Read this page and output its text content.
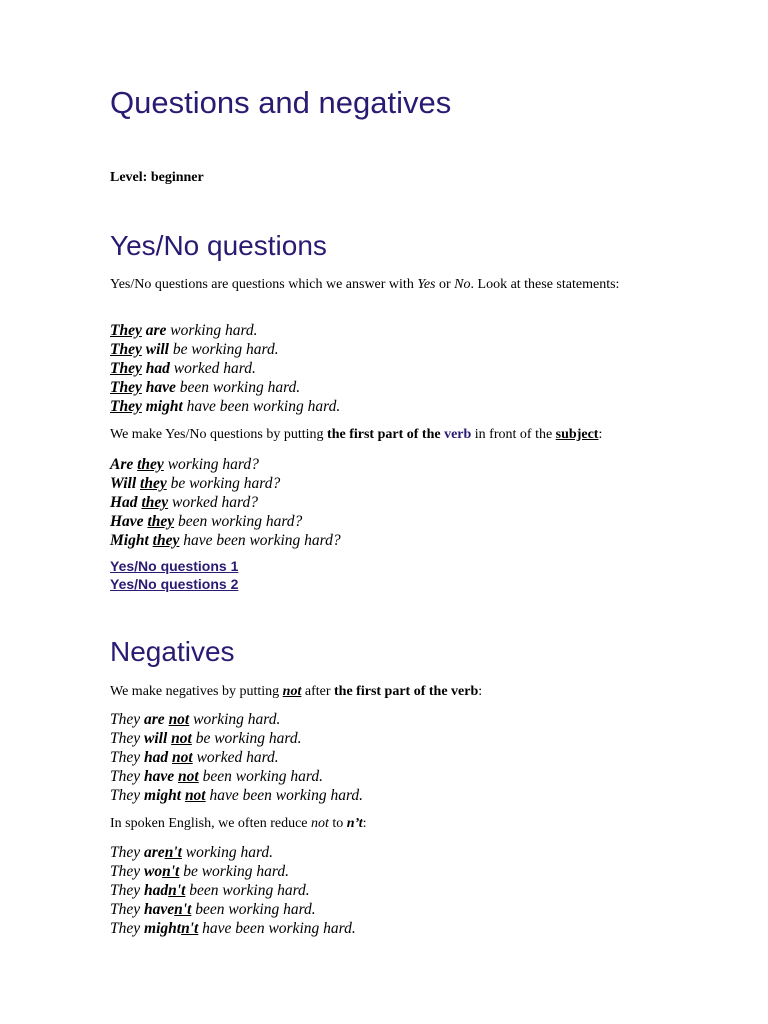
Questions and negatives
Level: beginner
Yes/No questions
Yes/No questions are questions which we answer with Yes or No. Look at these statements:
They are working hard.
They will be working hard.
They had worked hard.
They have been working hard.
They might have been working hard.
We make Yes/No questions by putting the first part of the verb in front of the subject:
Are they working hard?
Will they be working hard?
Had they worked hard?
Have they been working hard?
Might they have been working hard?
Yes/No questions 1
Yes/No questions 2
Negatives
We make negatives by putting not after the first part of the verb:
They are not working hard.
They will not be working hard.
They had not worked hard.
They have not been working hard.
They might not have been working hard.
In spoken English, we often reduce not to n’t:
They aren't working hard.
They won't be working hard.
They hadn't been working hard.
They haven't been working hard.
They mightn't have been working hard.
